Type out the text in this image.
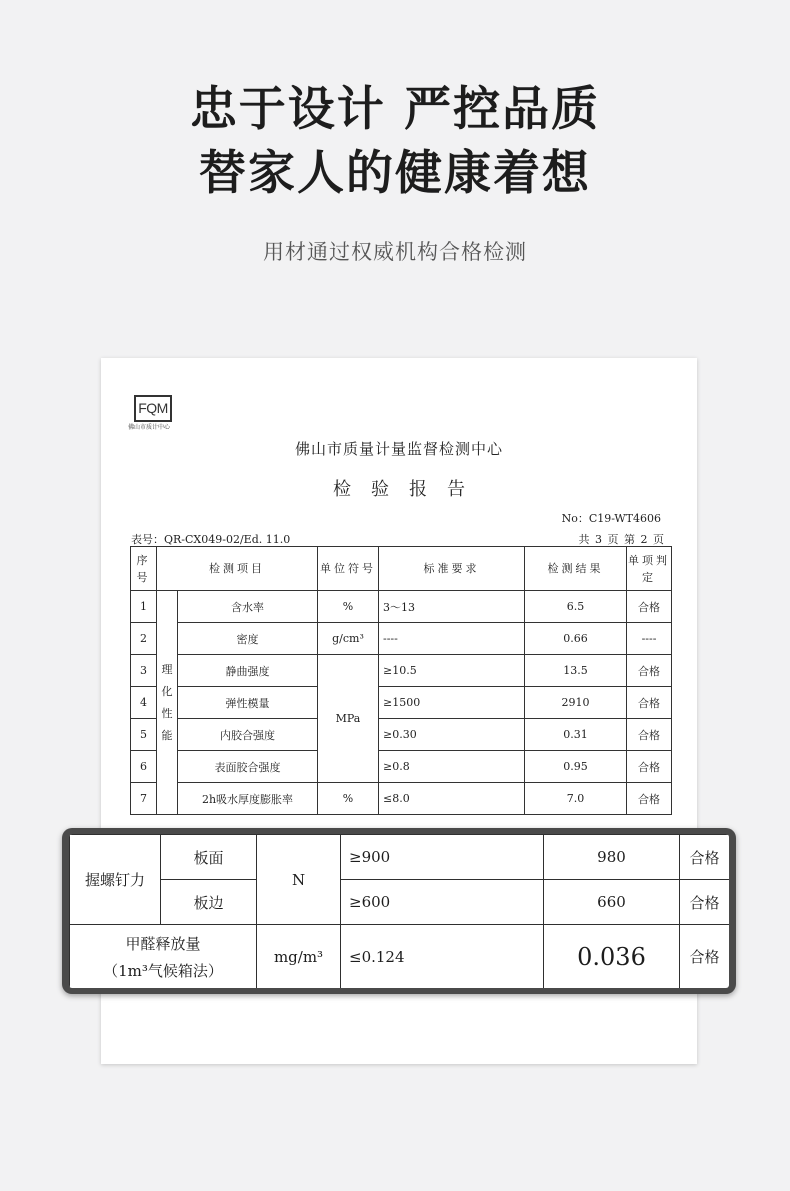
忠于设计 严控品质
替家人的健康着想
用材通过权威机构合格检测
FQM
佛山市质计中心
佛山市质量计量监督检测中心
检验报告
No：C19-WT4606
表号：QR-CX049-02/Ed. 11.0	共 3 页 第 2 页
序号	检测项目		单位符号	标准要求	检测结果	单项判定
1	理化性能	含水率	%	3～13	6.5	合格
2		密度	g/cm³	----	0.66	----
3		静曲强度	MPa	≥10.5	13.5	合格
4		弹性模量		≥1500	2910	合格
5		内胶合强度		≥0.30	0.31	合格
6		表面胶合强度		≥0.8	0.95	合格
7		2h吸水厚度膨胀率	%	≤8.0	7.0	合格
握螺钉力	板面	N	≥900	980	合格
	板边		≥600	660	合格

甲醛释放量
（1m³气候箱法）		mg/m³	≤0.124	0.036	合格
